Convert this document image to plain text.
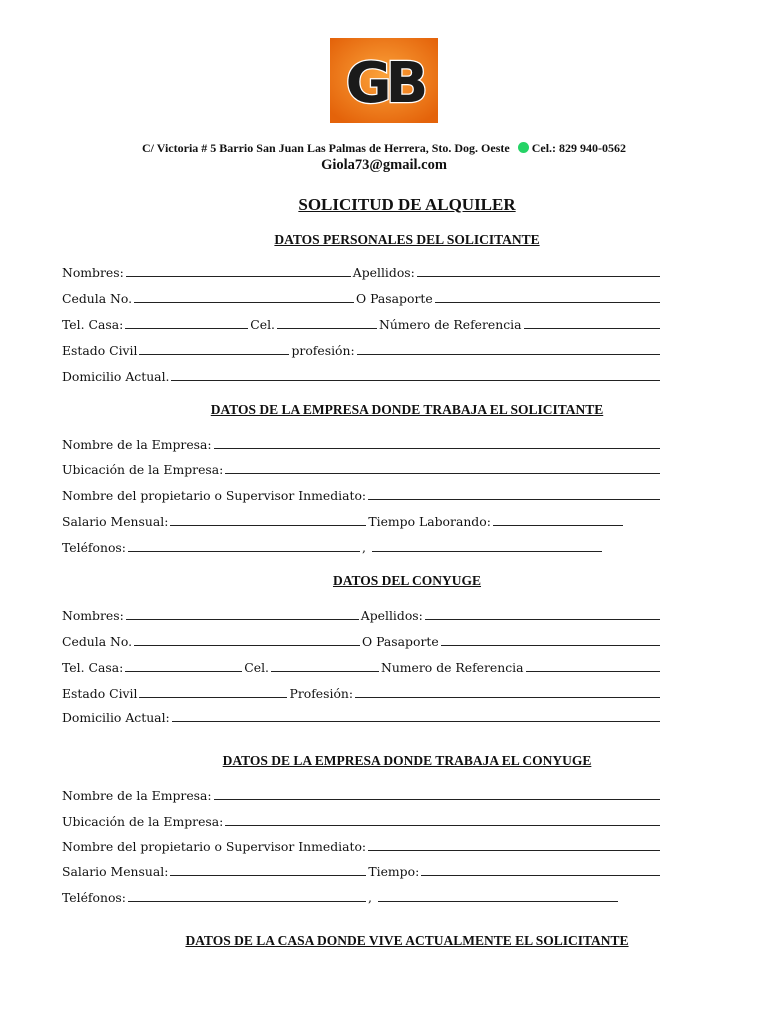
GB
C/ Victoria # 5 Barrio San Juan Las Palmas de Herrera, Sto. Dog. Oeste Cel.: 829 940-0562
Giola73@gmail.com
SOLICITUD DE ALQUILER
DATOS PERSONALES DEL SOLICITANTE
Nombres:	Apellidos:
Cedula No.	O Pasaporte
Tel. Casa:	Cel.	Número de Referencia
Estado Civil	profesión:
Domicilio Actual.
DATOS DE LA EMPRESA DONDE TRABAJA EL SOLICITANTE
Nombre de la Empresa:
Ubicación de la Empresa:
Nombre del propietario o Supervisor Inmediato:
Salario Mensual:	Tiempo Laborando:
Teléfonos:	,
DATOS DEL CONYUGE
Nombres:	Apellidos:
Cedula No.	O Pasaporte
Tel. Casa:	Cel.	Numero de Referencia
Estado Civil	Profesión:
Domicilio Actual:
DATOS DE LA EMPRESA DONDE TRABAJA EL CONYUGE
Nombre de la Empresa:
Ubicación de la Empresa:
Nombre del propietario o Supervisor Inmediato:
Salario Mensual:	Tiempo:
Teléfonos:	,
DATOS DE LA CASA DONDE VIVE ACTUALMENTE EL SOLICITANTE
